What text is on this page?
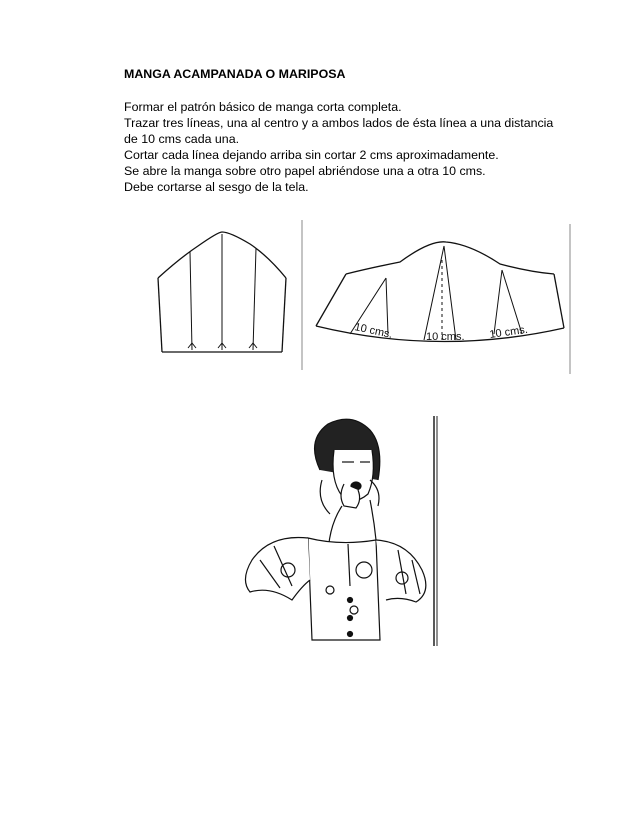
MANGA ACAMPANADA O MARIPOSA

Formar el patrón básico de manga corta completa.

Trazar tres líneas, una al centro y a ambos lados de ésta línea a una distancia

de 10 cms cada una.

Cortar cada línea dejando arriba sin cortar 2 cms aproximadamente.

Se abre la manga sobre otro papel abriéndose una a otra 10 cms.

Debe cortarse al sesgo de la tela.

10 cms.	10 cms. 10 cms.
